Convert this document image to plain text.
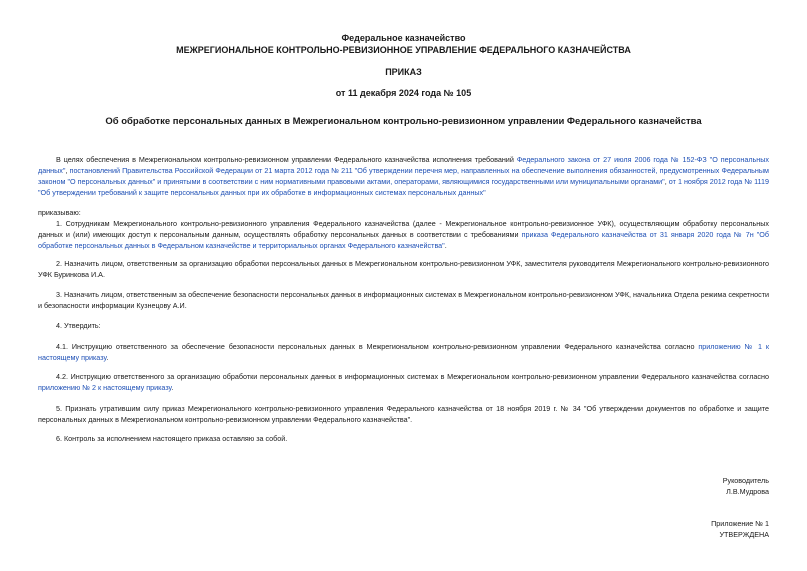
Федеральное казначейство
МЕЖРЕГИОНАЛЬНОЕ КОНТРОЛЬНО-РЕВИЗИОННОЕ УПРАВЛЕНИЕ ФЕДЕРАЛЬНОГО КАЗНАЧЕЙСТВА
ПРИКАЗ
от 11 декабря 2024 года № 105
Об обработке персональных данных в Межрегиональном контрольно-ревизионном управлении Федерального казначейства
В целях обеспечения в Межрегиональном контрольно-ревизионном управлении Федерального казначейства исполнения требований Федерального закона от 27 июля 2006 года № 152-ФЗ "О персональных данных", постановлений Правительства Российской Федерации от 21 марта 2012 года № 211 "Об утверждении перечня мер, направленных на обеспечение выполнения обязанностей, предусмотренных Федеральным законом "О персональных данных" и принятыми в соответствии с ним нормативными правовыми актами, операторами, являющимися государственными или муниципальными органами", от 1 ноября 2012 года № 1119 "Об утверждении требований к защите персональных данных при их обработке в информационных системах персональных данных"
приказываю:
1. Сотрудникам Межрегионального контрольно-ревизионного управления Федерального казначейства (далее - Межрегиональное контрольно-ревизионное УФК), осуществляющим обработку персональных данных и (или) имеющих доступ к персональным данным, осуществлять обработку персональных данных в соответствии с требованиями приказа Федерального казначейства от 31 января 2020 года № 7н "Об обработке персональных данных в Федеральном казначействе и территориальных органах Федерального казначейства".
2. Назначить лицом, ответственным за организацию обработки персональных данных в Межрегиональном контрольно-ревизионном УФК, заместителя руководителя Межрегионального контрольно-ревизионного УФК Буринкова И.А.
3. Назначить лицом, ответственным за обеспечение безопасности персональных данных в информационных системах в Межрегиональном контрольно-ревизионном УФК, начальника Отдела режима секретности и безопасности информации Кузнецову А.И.
4. Утвердить:
4.1. Инструкцию ответственного за обеспечение безопасности персональных данных в Межрегиональном контрольно-ревизионном управлении Федерального казначейства согласно приложению № 1 к настоящему приказу.
4.2. Инструкцию ответственного за организацию обработки персональных данных в информационных системах в Межрегиональном контрольно-ревизионном управлении Федерального казначейства согласно приложению № 2 к настоящему приказу.
5. Признать утратившим силу приказ Межрегионального контрольно-ревизионного управления Федерального казначейства от 18 ноября 2019 г. № 34 "Об утверждении документов по обработке и защите персональных данных в Межрегиональном контрольно-ревизионном управлении Федерального казначейства".
6. Контроль за исполнением настоящего приказа оставляю за собой.
Руководитель
Л.В.Мудрова
Приложение № 1
УТВЕРЖДЕНА
